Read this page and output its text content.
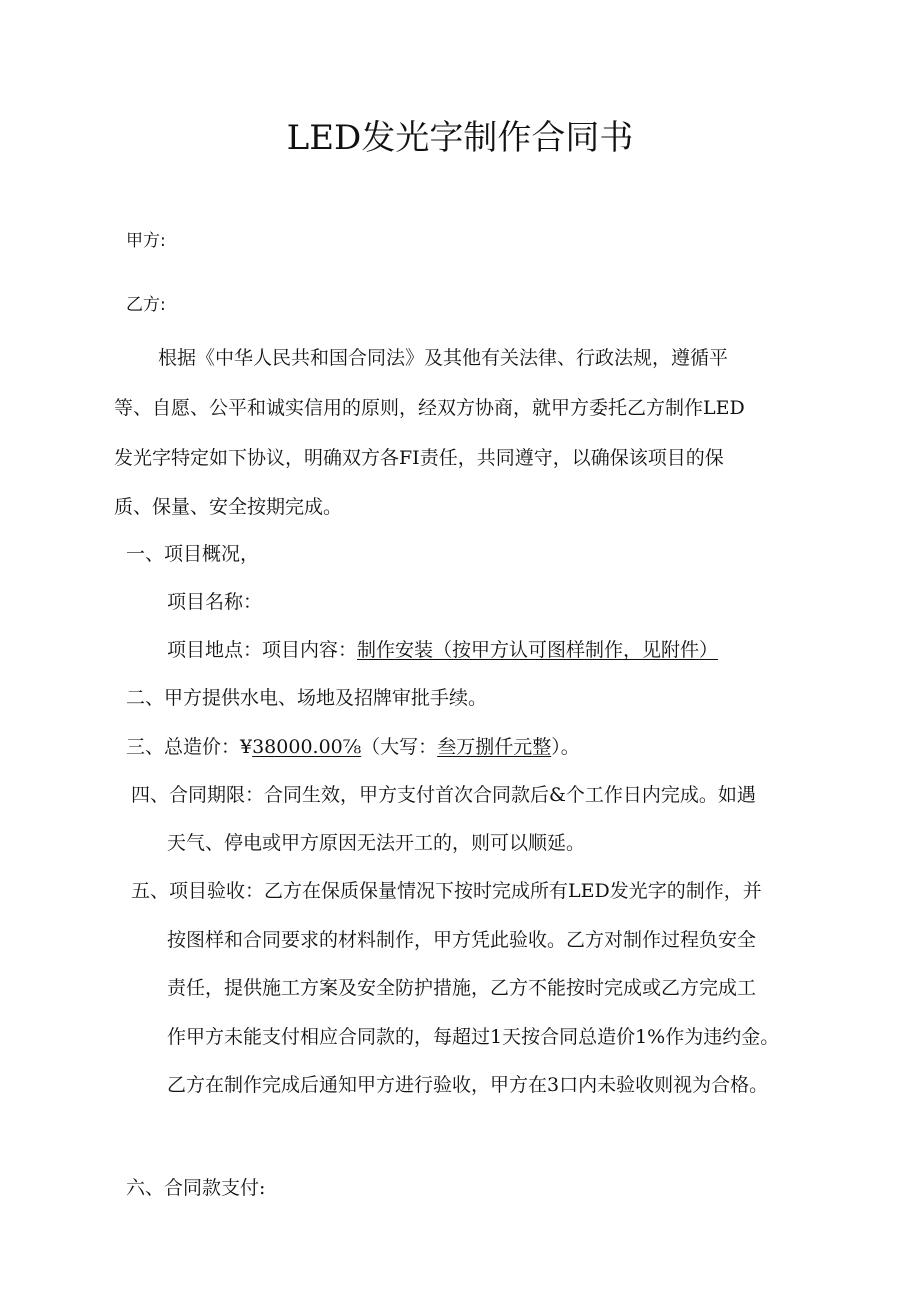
LED发光字制作合同书
甲方:
乙方:
根据《中华人民共和国合同法》及其他有关法律、行政法规，遵循平
等、自愿、公平和诚实信用的原则，经双方协商，就甲方委托乙方制作LED
发光字特定如下协议，明确双方各FI责任，共同遵守，以确保该项目的保
质、保量、安全按期完成。
一、项目概况，
项目名称：
项目地点：项目内容：制作安装（按甲方认可图样制作，见附件）
二、甲方提供水电、场地及招牌审批手续。
三、总造价：¥38000.00⅞（大写：叁万捌仟元整）。
四、合同期限：合同生效，甲方支付首次合同款后&个工作日内完成。如遇
天气、停电或甲方原因无法开工的，则可以顺延。
五、项目验收：乙方在保质保量情况下按时完成所有LED发光字的制作，并
按图样和合同要求的材料制作，甲方凭此验收。乙方对制作过程负安全
责任，提供施工方案及安全防护措施，乙方不能按时完成或乙方完成工
作甲方未能支付相应合同款的，每超过1天按合同总造价1%作为违约金。
乙方在制作完成后通知甲方进行验收，甲方在3口内未验收则视为合格。
六、合同款支付:
